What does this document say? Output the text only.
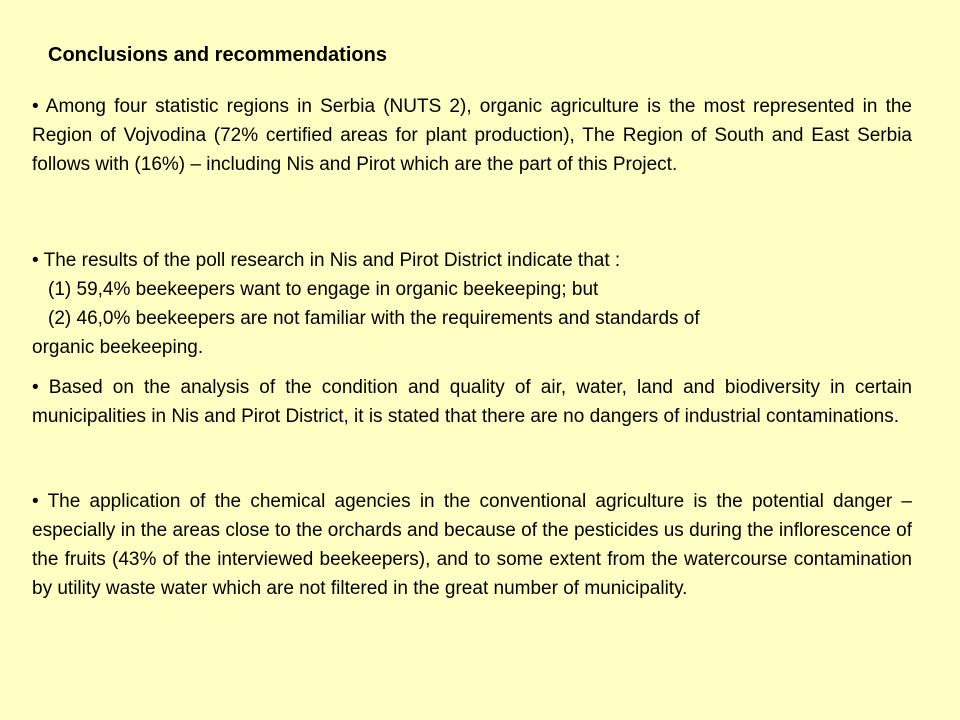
Conclusions and recommendations
• Among four statistic regions in Serbia (NUTS 2), organic agriculture is the most represented in the Region of Vojvodina (72% certified areas for plant production), The Region of South and East Serbia follows with (16%) – including Nis and Pirot which are the part of this Project.
• The results of the poll research in Nis and Pirot District indicate that :
(1) 59,4% beekeepers want to engage in organic beekeeping; but
(2) 46,0% beekeepers are not familiar with the requirements and standards of
organic beekeeping.
• Based on the analysis of the condition and quality of air, water, land and biodiversity in certain municipalities in Nis and Pirot District, it is stated that there are no dangers of industrial contaminations.
• The application of the chemical agencies in the conventional agriculture is the potential danger – especially in the areas close to the orchards and because of the pesticides us during the inflorescence of the fruits (43% of the interviewed beekeepers), and to some extent from the watercourse contamination by utility waste water which are not filtered in the great number of municipality.
